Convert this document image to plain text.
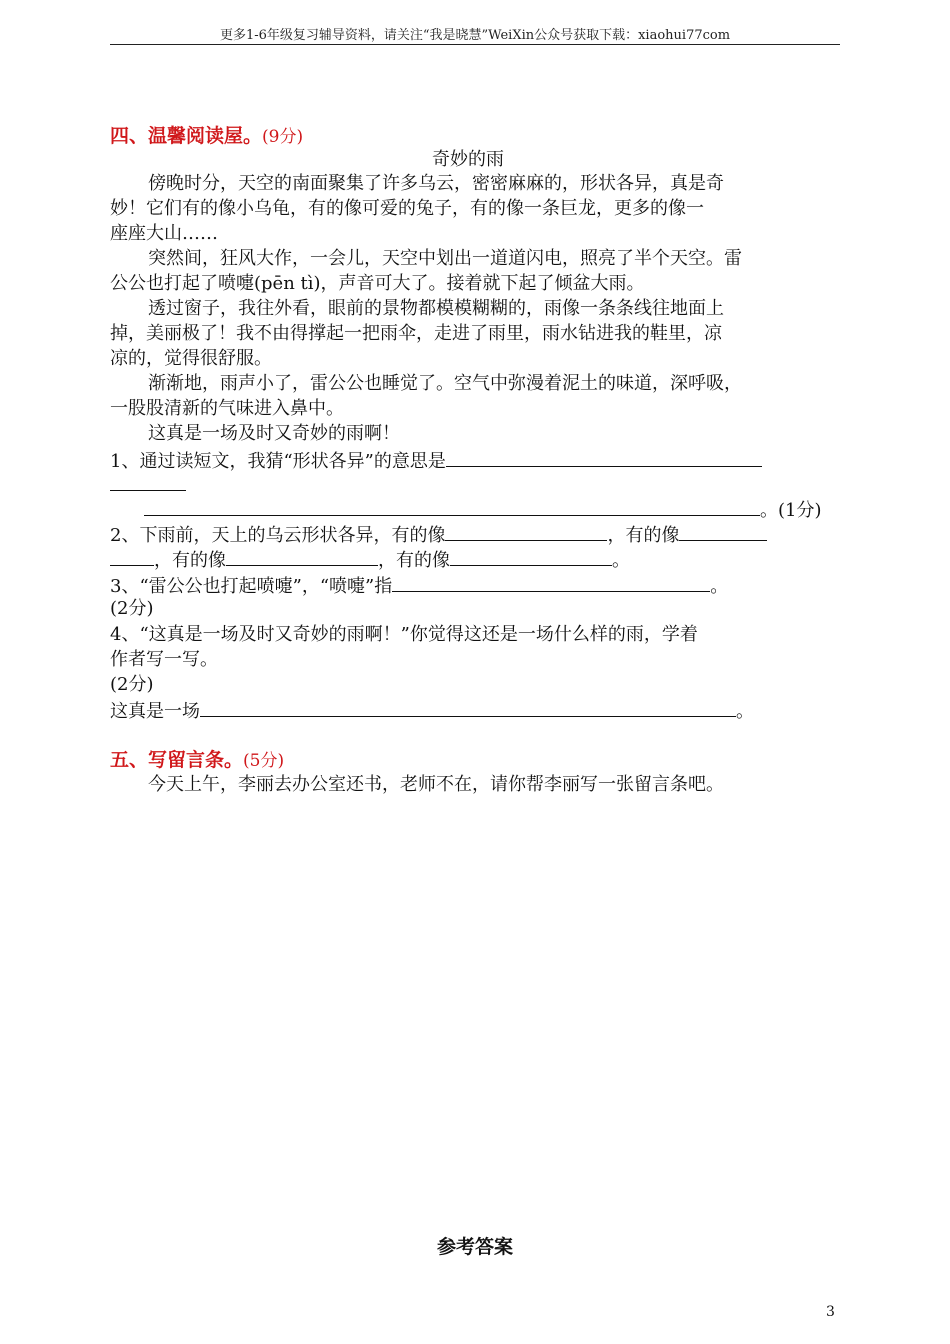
更多1-6年级复习辅导资料，请关注“我是晓慧”WeiXin公众号获取下载：xiaohui77com
四、温馨阅读屋。(9分)
奇妙的雨
傍晚时分，天空的南面聚集了许多乌云，密密麻麻的，形状各异，真是奇
妙！它们有的像小乌龟，有的像可爱的兔子，有的像一条巨龙，更多的像一
座座大山……
突然间，狂风大作，一会儿，天空中划出一道道闪电，照亮了半个天空。雷
公公也打起了喷嚏(pēn tì)，声音可大了。接着就下起了倾盆大雨。
透过窗子，我往外看，眼前的景物都模模糊糊的，雨像一条条线往地面上
掉，美丽极了！我不由得撑起一把雨伞，走进了雨里，雨水钻进我的鞋里，凉
凉的，觉得很舒服。
渐渐地，雨声小了，雷公公也睡觉了。空气中弥漫着泥土的味道，深呼吸，
一股股清新的气味进入鼻中。
这真是一场及时又奇妙的雨啊！
1、通过读短文，我猜“形状各异”的意思是
。(1分)
2、下雨前，天上的乌云形状各异，有的像	，有的像
，有的像	，有的像	。
3、“雷公公也打起喷嚏”，“喷嚏”指	。
(2分)
4、“这真是一场及时又奇妙的雨啊！”你觉得这还是一场什么样的雨，学着
作者写一写。
(2分)
这真是一场	。
五、写留言条。(5分)
今天上午，李丽去办公室还书，老师不在，请你帮李丽写一张留言条吧。
参考答案
3
